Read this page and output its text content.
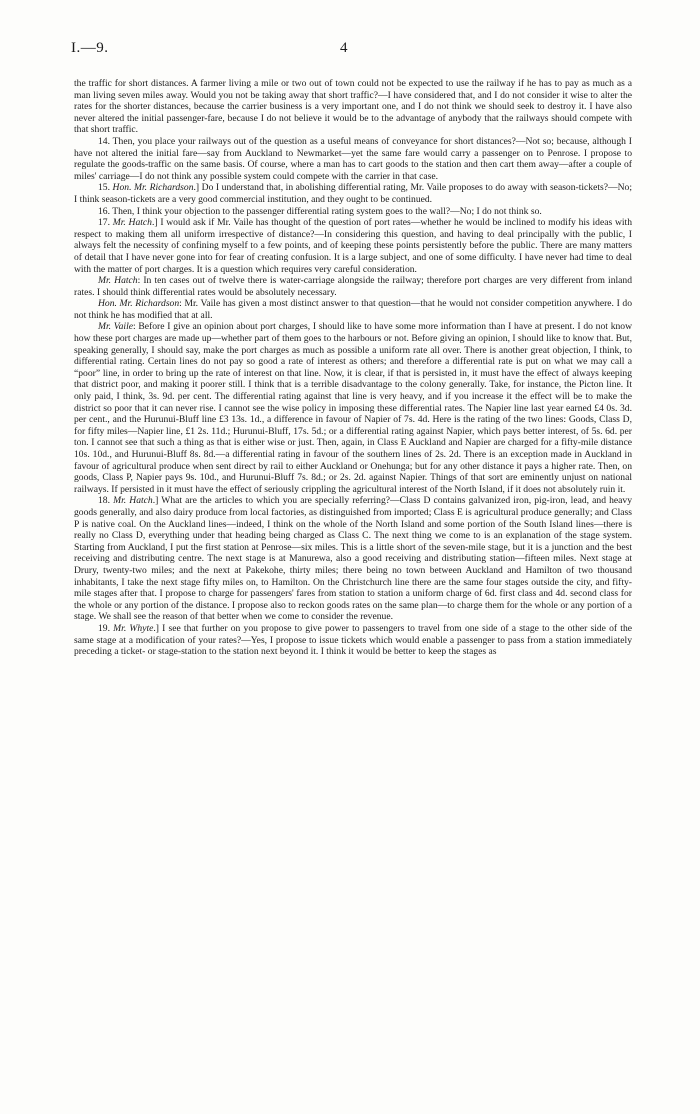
I.—9.	4

the traffic for short distances. A farmer living a mile or two out of town could not be expected to use the railway if he has to pay as much as a man living seven miles away. Would you not be taking away that short traffic?—I have considered that, and I do not consider it wise to alter the rates for the shorter distances, because the carrier business is a very important one, and I do not think we should seek to destroy it. I have also never altered the initial passenger-fare, because I do not believe it would be to the advantage of anybody that the railways should compete with that short traffic.

14. Then, you place your railways out of the question as a useful means of conveyance for short distances?—Not so; because, although I have not altered the initial fare—say from Auckland to Newmarket—yet the same fare would carry a passenger on to Penrose. I propose to regulate the goods-traffic on the same basis. Of course, where a man has to cart goods to the station and then cart them away—after a couple of miles' carriage—I do not think any possible system could compete with the carrier in that case.

15. Hon. Mr. Richardson.] Do I understand that, in abolishing differential rating, Mr. Vaile proposes to do away with season-tickets?—No; I think season-tickets are a very good commercial institution, and they ought to be continued.

16. Then, I think your objection to the passenger differential rating system goes to the wall?—No; I do not think so.

17. Mr. Hatch.] I would ask if Mr. Vaile has thought of the question of port rates—whether he would be inclined to modify his ideas with respect to making them all uniform irrespective of distance?—In considering this question, and having to deal principally with the public, I always felt the necessity of confining myself to a few points, and of keeping these points persistently before the public. There are many matters of detail that I have never gone into for fear of creating confusion. It is a large subject, and one of some difficulty. I have never had time to deal with the matter of port charges. It is a question which requires very careful consideration.

Mr. Hatch: In ten cases out of twelve there is water-carriage alongside the railway; therefore port charges are very different from inland rates. I should think differential rates would be absolutely necessary.

Hon. Mr. Richardson: Mr. Vaile has given a most distinct answer to that question—that he would not consider competition anywhere. I do not think he has modified that at all.

Mr. Vaile: Before I give an opinion about port charges, I should like to have some more information than I have at present. I do not know how these port charges are made up—whether part of them goes to the harbours or not. Before giving an opinion, I should like to know that. But, speaking generally, I should say, make the port charges as much as possible a uniform rate all over. There is another great objection, I think, to differential rating. Certain lines do not pay so good a rate of interest as others; and therefore a differential rate is put on what we may call a “poor” line, in order to bring up the rate of interest on that line. Now, it is clear, if that is persisted in, it must have the effect of always keeping that district poor, and making it poorer still. I think that is a terrible disadvantage to the colony generally. Take, for instance, the Picton line. It only paid, I think, 3s. 9d. per cent. The differential rating against that line is very heavy, and if you increase it the effect will be to make the district so poor that it can never rise. I cannot see the wise policy in imposing these differential rates. The Napier line last year earned £4 0s. 3d. per cent., and the Hurunui-Bluff line £3 13s. 1d., a difference in favour of Napier of 7s. 4d. Here is the rating of the two lines: Goods, Class D, for fifty miles—Napier line, £1 2s. 11d.; Hurunui-Bluff, 17s. 5d.; or a differential rating against Napier, which pays better interest, of 5s. 6d. per ton. I cannot see that such a thing as that is either wise or just. Then, again, in Class E Auckland and Napier are charged for a fifty-mile distance 10s. 10d., and Hurunui-Bluff 8s. 8d.—a differential rating in favour of the southern lines of 2s. 2d. There is an exception made in Auckland in favour of agricultural produce when sent direct by rail to either Auckland or Onehunga; but for any other distance it pays a higher rate. Then, on goods, Class P, Napier pays 9s. 10d., and Hurunui-Bluff 7s. 8d.; or 2s. 2d. against Napier. Things of that sort are eminently unjust on national railways. If persisted in it must have the effect of seriously crippling the agricultural interest of the North Island, if it does not absolutely ruin it.

18. Mr. Hatch.] What are the articles to which you are specially referring?—Class D contains galvanized iron, pig-iron, lead, and heavy goods generally, and also dairy produce from local factories, as distinguished from imported; Class E is agricultural produce generally; and Class P is native coal. On the Auckland lines—indeed, I think on the whole of the North Island and some portion of the South Island lines—there is really no Class D, everything under that heading being charged as Class C. The next thing we come to is an explanation of the stage system. Starting from Auckland, I put the first station at Penrose—six miles. This is a little short of the seven-mile stage, but it is a junction and the best receiving and distributing centre. The next stage is at Manurewa, also a good receiving and distributing station—fifteen miles. Next stage at Drury, twenty-two miles; and the next at Pakekohe, thirty miles; there being no town between Auckland and Hamilton of two thousand inhabitants, I take the next stage fifty miles on, to Hamilton. On the Christchurch line there are the same four stages outside the city, and fifty-mile stages after that. I propose to charge for passengers' fares from station to station a uniform charge of 6d. first class and 4d. second class for the whole or any portion of the distance. I propose also to reckon goods rates on the same plan—to charge them for the whole or any portion of a stage. We shall see the reason of that better when we come to consider the revenue.

19. Mr. Whyte.] I see that further on you propose to give power to passengers to travel from one side of a stage to the other side of the same stage at a modification of your rates?—Yes, I propose to issue tickets which would enable a passenger to pass from a station immediately preceding a ticket- or stage-station to the station next beyond it. I think it would be better to keep the stages as
